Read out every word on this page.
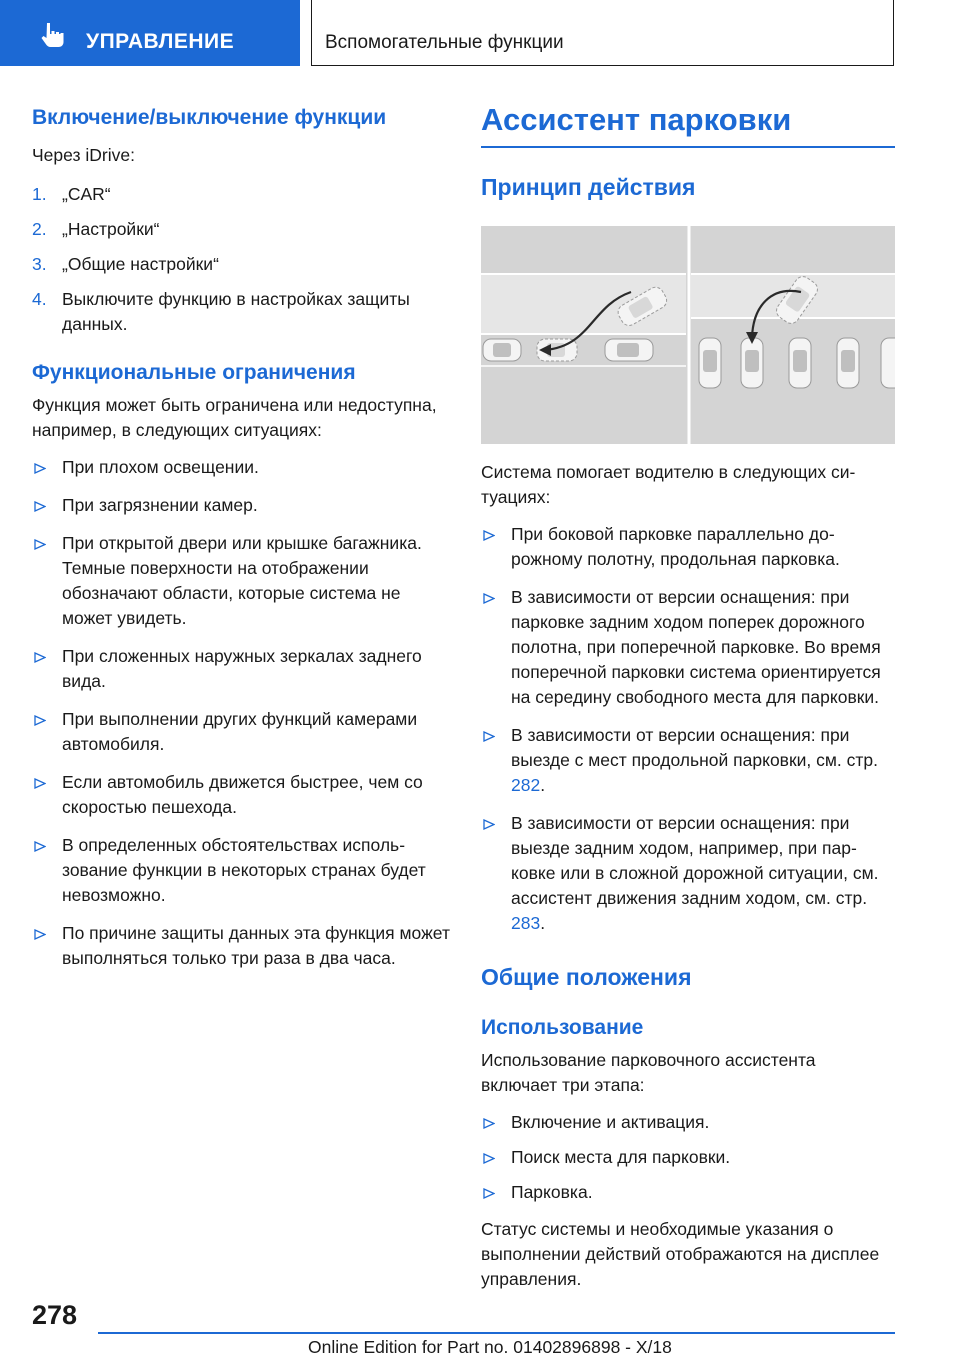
УПРАВЛЕНИЕ	Вспомогательные функции
Включение/выключение функции

Через iDrive:

1. „CAR“
2. „Настройки“
3. „Общие настройки“
4. Выключите функцию в настройках защиты данных.
Функциональные ограничения

Функция может быть ограничена или недоступна, например, в следующих ситуациях:

При плохом освещении.
При загрязнении камер.
При открытой двери или крышке багажника. Темные поверхности на отображении обозначают области, которые система не может увидеть.
При сложенных наружных зеркалах заднего вида.
При выполнении других функций камерами автомобиля.
Если автомобиль движется быстрее, чем со скоростью пешехода.
В определенных обстоятельствах использование функции в некоторых странах будет невозможно.
По причине защиты данных эта функция может выполняться только три раза в два часа.
Ассистент парковки
Принцип действия

Система помогает водителю в следующих ситуациях:

При боковой парковке параллельно дорожному полотну, продольная парковка.
В зависимости от версии оснащения: при парковке задним ходом поперек дорожного полотна, при поперечной парковке. Во время поперечной парковки система ориентируется на середину свободного места для парковки.
В зависимости от версии оснащения: при выезде с мест продольной парковки, см. стр. 282.
В зависимости от версии оснащения: при выезде задним ходом, например, при парковке или в сложной дорожной ситуации, см. ассистент движения задним ходом, см. стр. 283.
Общие положения
Использование

Использование парковочного ассистента включает три этапа:

Включение и активация.
Поиск места для парковки.
Парковка.

Статус системы и необходимые указания о выполнении действий отображаются на дисплее управления.

278
Online Edition for Part no. 01402896898 - X/18
